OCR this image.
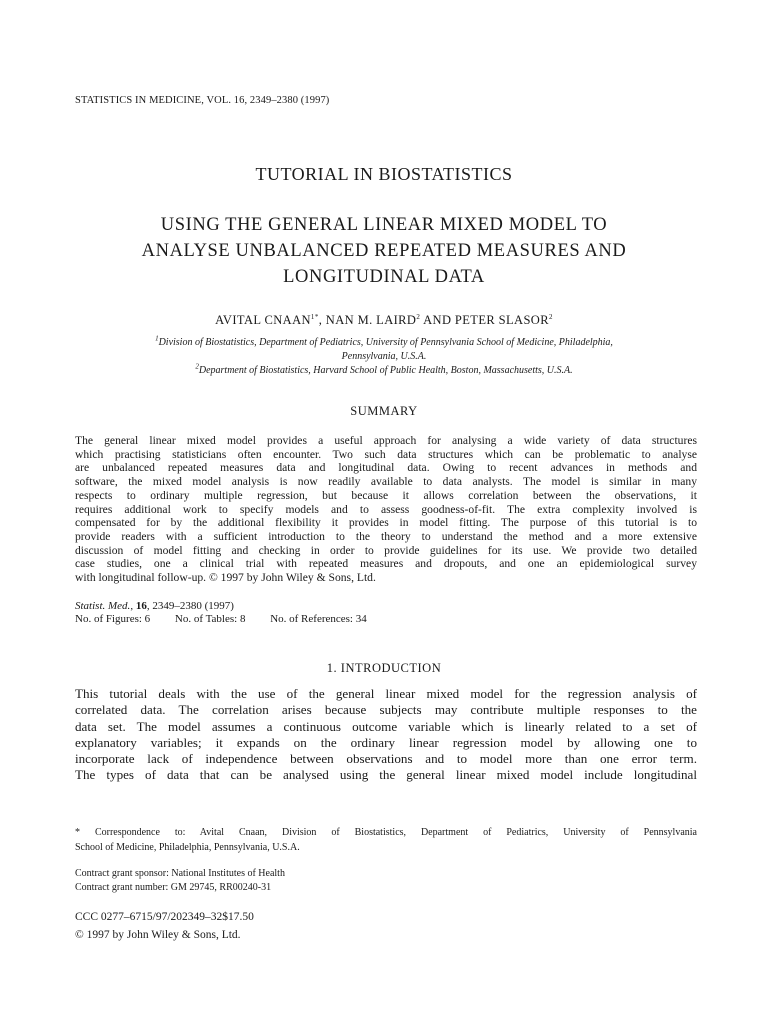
STATISTICS IN MEDICINE, VOL. 16, 2349–2380 (1997)
TUTORIAL IN BIOSTATISTICS
USING THE GENERAL LINEAR MIXED MODEL TO
ANALYSE UNBALANCED REPEATED MEASURES AND
LONGITUDINAL DATA
AVITAL $CNAAN^{1*}$, NAN M. LAIRD$^2$ AND PETER SLASOR$^2$
$^1$Division of Biostatistics, Department of Pediatrics, University of Pennsylvania School of Medicine, Philadelphia,
Pennsylvania, U.S.A.
$^2$Department of Biostatistics, Harvard School of Public Health, Boston, Massachusetts, U.S.A.
SUMMARY
The general linear mixed model provides a useful approach for analysing a wide variety of data structures
which practising statisticians often encounter. Two such data structures which can be problematic to analyse
are unbalanced repeated measures data and longitudinal data. Owing to recent advances in methods and
software, the mixed model analysis is now readily available to data analysts. The model is similar in many
respects to ordinary multiple regression, but because it allows correlation between the observations, it
requires additional work to specify models and to assess goodness-of-fit. The extra complexity involved is
compensated for by the additional flexibility it provides in model fitting. The purpose of this tutorial is to
provide readers with a sufficient introduction to the theory to understand the method and a more extensive
discussion of model fitting and checking in order to provide guidelines for its use. We provide two detailed
case studies, one a clinical trial with repeated measures and dropouts, and one an epidemiological survey
with longitudinal follow-up. © 1997 by John Wiley & Sons, Ltd.
Statist. Med., 16, 2349–2380 (1997)
No. of Figures: 6 No. of Tables: 8 No. of References: 34
1. INTRODUCTION
This tutorial deals with the use of the general linear mixed model for the regression analysis of
correlated data. The correlation arises because subjects may contribute multiple responses to the
data set. The model assumes a continuous outcome variable which is linearly related to a set of
explanatory variables; it expands on the ordinary linear regression model by allowing one to
incorporate lack of independence between observations and to model more than one error term.
The types of data that can be analysed using the general linear mixed model include longitudinal
* Correspondence to: Avital Cnaan, Division of Biostatistics, Department of Pediatrics, University of Pennsylvania
School of Medicine, Philadelphia, Pennsylvania, U.S.A.
Contract grant sponsor: National Institutes of Health
Contract grant number: GM 29745, RR00240-31
CCC 0277–6715/97/202349–32$17.50
© 1997 by John Wiley & Sons, Ltd.
